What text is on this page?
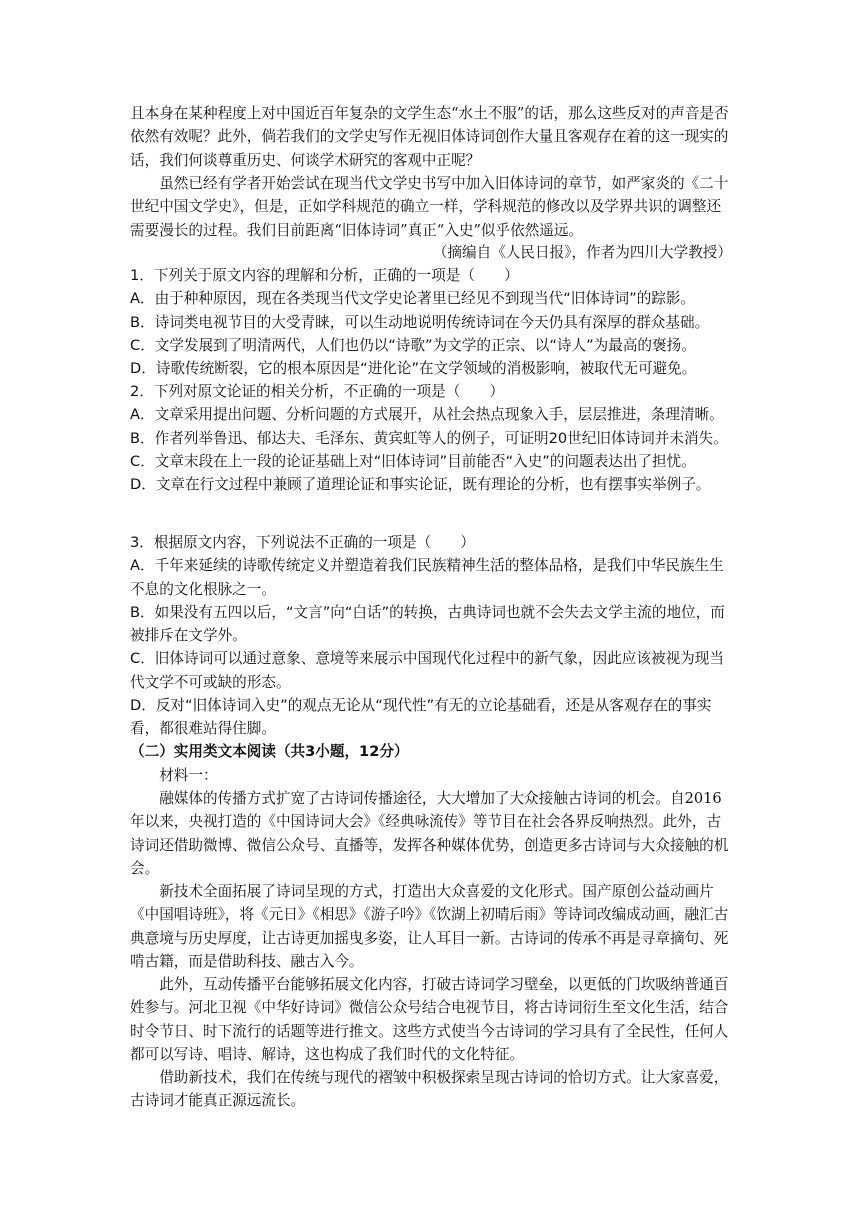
且本身在某种程度上对中国近百年复杂的文学生态“水土不服”的话，那么这些反对的声音是否依然有效呢？此外，倘若我们的文学史写作无视旧体诗词创作大量且客观存在着的这一现实的话，我们何谈尊重历史、何谈学术研究的客观中正呢？

虽然已经有学者开始尝试在现当代文学史书写中加入旧体诗词的章节，如严家炎的《二十世纪中国文学史》，但是，正如学科规范的确立一样，学科规范的修改以及学界共识的调整还需要漫长的过程。我们目前距离“旧体诗词”真正“入史”似乎依然遥远。

（摘编自《人民日报》，作者为四川大学教授）

1．下列关于原文内容的理解和分析，正确的一项是（　　）

A．由于种种原因，现在各类现当代文学史论著里已经见不到现当代“旧体诗词”的踪影。

B．诗词类电视节目的大受青睐，可以生动地说明传统诗词在今天仍具有深厚的群众基础。

C．文学发展到了明清两代，人们也仍以“诗歌”为文学的正宗、以“诗人”为最高的褒扬。

D．诗歌传统断裂，它的根本原因是“进化论”在文学领域的消极影响，被取代无可避免。

2．下列对原文论证的相关分析，不正确的一项是（　　）

A．文章采用提出问题、分析问题的方式展开，从社会热点现象入手，层层推进，条理清晰。

B．作者列举鲁迅、郁达夫、毛泽东、黄宾虹等人的例子，可证明20世纪旧体诗词并未消失。

C．文章末段在上一段的论证基础上对“旧体诗词”目前能否“入史”的问题表达出了担忧。

D．文章在行文过程中兼顾了道理论证和事实论证，既有理论的分析，也有摆事实举例子。

3．根据原文内容，下列说法不正确的一项是（　　）

A．千年来延续的诗歌传统定义并塑造着我们民族精神生活的整体品格，是我们中华民族生生不息的文化根脉之一。

B．如果没有五四以后，“文言”向“白话”的转换，古典诗词也就不会失去文学主流的地位，而被排斥在文学外。

C．旧体诗词可以通过意象、意境等来展示中国现代化过程中的新气象，因此应该被视为现当代文学不可或缺的形态。

D．反对“旧体诗词入史”的观点无论从“现代性”有无的立论基础看，还是从客观存在的事实看，都很难站得住脚。

（二）实用类文本阅读（共3小题，12分）

材料一：

融媒体的传播方式扩宽了古诗词传播途径，大大增加了大众接触古诗词的机会。自2016年以来，央视打造的《中国诗词大会》《经典咏流传》等节目在社会各界反响热烈。此外，古诗词还借助微博、微信公众号、直播等，发挥各种媒体优势，创造更多古诗词与大众接触的机会。

新技术全面拓展了诗词呈现的方式，打造出大众喜爱的文化形式。国产原创公益动画片《中国唱诗班》，将《元日》《相思》《游子吟》《饮湖上初晴后雨》等诗词改编成动画，融汇古典意境与历史厚度，让古诗更加摇曳多姿，让人耳目一新。古诗词的传承不再是寻章摘句、死啃古籍，而是借助科技、融古入今。

此外，互动传播平台能够拓展文化内容，打破古诗词学习壁垒，以更低的门坎吸纳普通百姓参与。河北卫视《中华好诗词》微信公众号结合电视节目，将古诗词衍生至文化生活，结合时令节日、时下流行的话题等进行推文。这些方式使当今古诗词的学习具有了全民性，任何人都可以写诗、唱诗、解诗，这也构成了我们时代的文化特征。

借助新技术，我们在传统与现代的褶皱中积极探索呈现古诗词的恰切方式。让大家喜爱，古诗词才能真正源远流长。
